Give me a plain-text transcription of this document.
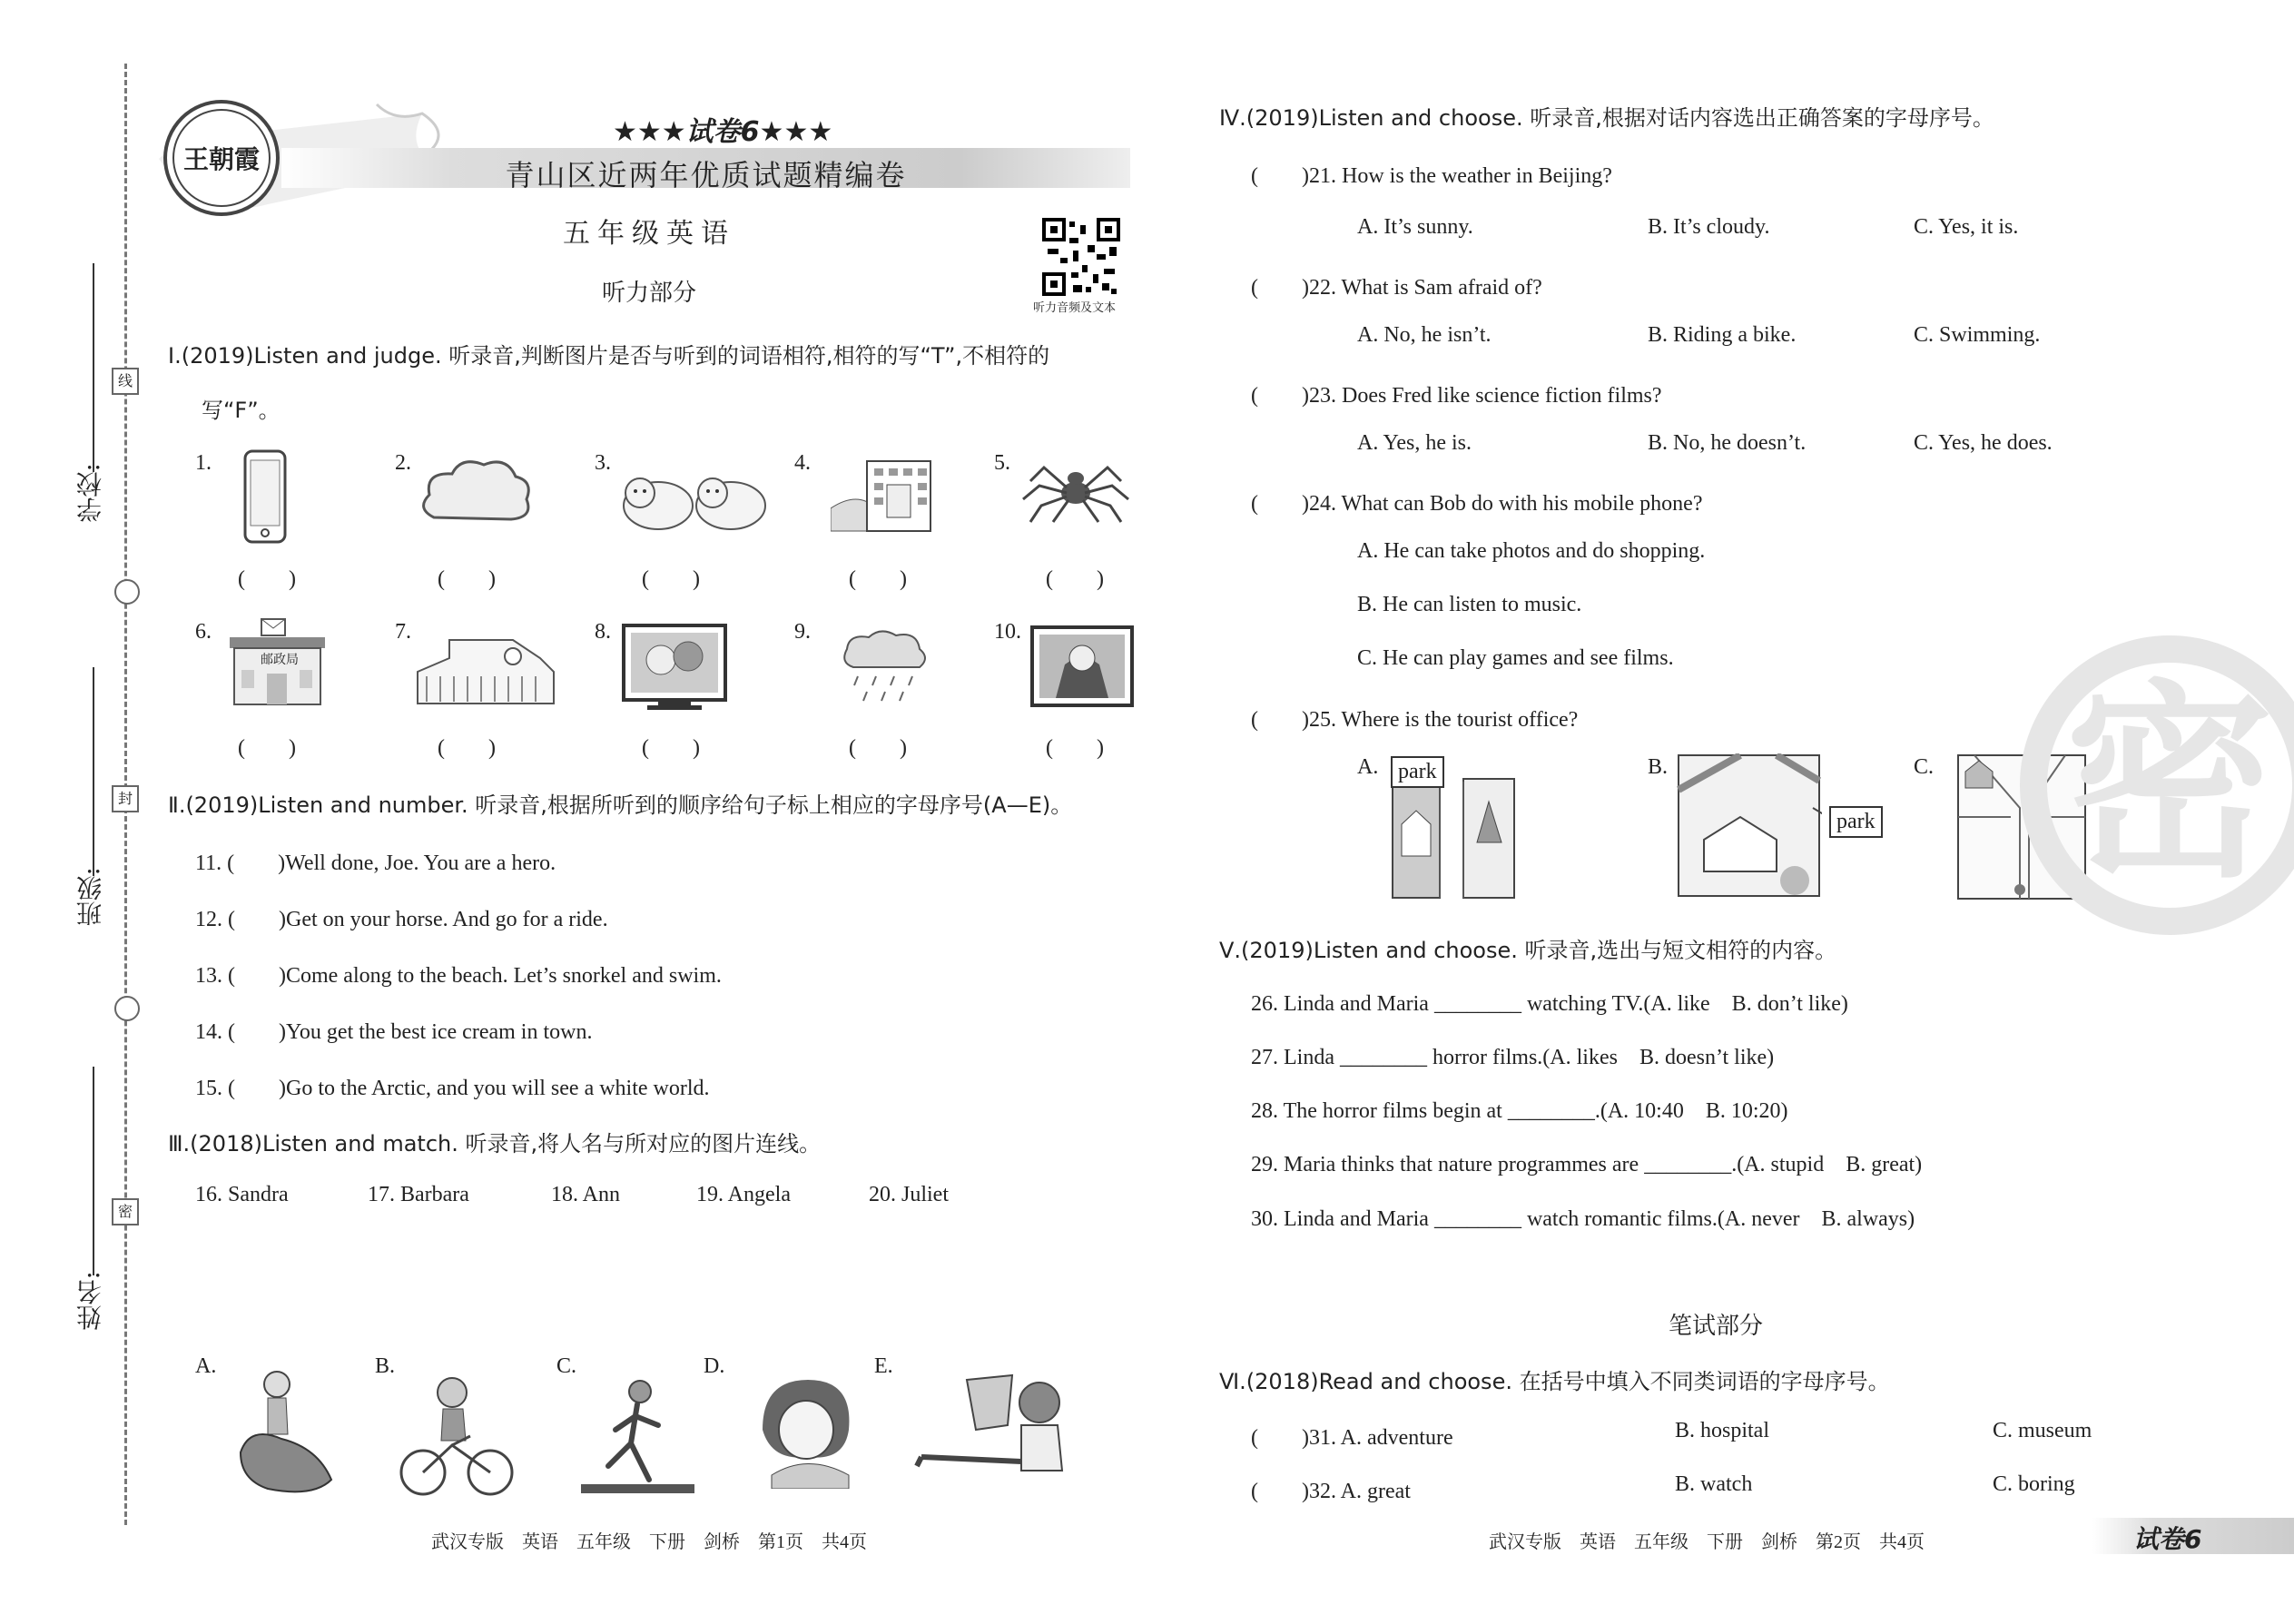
学校:
班级:
姓名:
线
封
密
王朝霞
★★★试卷6★★★
青山区近两年优质试题精编卷
五年级英语
听力部分
听力音频及文本
Ⅰ.(2019)Listen and judge. 听录音,判断图片是否与听到的词语相符,相符的写“T”,不相符的
写“F”。
1.	2.	3.	4.	5.
(　　)	(　　)	(　　)	(　　)	(　　)
6.	7.	8.	9.	10.
邮政局
(　　)	(　　)	(　　)	(　　)	(　　)
Ⅱ.(2019)Listen and number. 听录音,根据所听到的顺序给句子标上相应的字母序号(A—E)。
11. (　　)Well done, Joe. You are a hero.
12. (　　)Get on your horse. And go for a ride.
13. (　　)Come along to the beach. Let’s snorkel and swim.
14. (　　)You get the best ice cream in town.
15. (　　)Go to the Arctic, and you will see a white world.
Ⅲ.(2018)Listen and match. 听录音,将人名与所对应的图片连线。
16. Sandra	17. Barbara	18. Ann	19. Angela	20. Juliet
A.	B.	C.	D.	E.
Ⅳ.(2019)Listen and choose. 听录音,根据对话内容选出正确答案的字母序号。
(　　)21. How is the weather in Beijing?
A. It’s sunny.	B. It’s cloudy.	C. Yes, it is.
(　　)22. What is Sam afraid of?
A. No, he isn’t.	B. Riding a bike.	C. Swimming.
(　　)23. Does Fred like science fiction films?
A. Yes, he is.	B. No, he doesn’t.	C. Yes, he does.
(　　)24. What can Bob do with his mobile phone?
A. He can take photos and do shopping.
B. He can listen to music.
C. He can play games and see films.
(　　)25. Where is the tourist office?
A.	B.	C.
park
park
Ⅴ.(2019)Listen and choose. 听录音,选出与短文相符的内容。
26. Linda and Maria ________ watching TV.(A. like　B. don’t like)
27. Linda ________ horror films.(A. likes　B. doesn’t like)
28. The horror films begin at ________.(A. 10:40　B. 10:20)
29. Maria thinks that nature programmes are ________.(A. stupid　B. great)
30. Linda and Maria ________ watch romantic films.(A. never　B. always)
笔试部分
Ⅵ.(2018)Read and choose. 在括号中填入不同类词语的字母序号。
(　　)31. A. adventure	B. hospital	C. museum
(　　)32. A. great	B. watch	C. boring
密
武汉专版　英语　五年级　下册　剑桥　第1页　共4页	武汉专版　英语　五年级　下册　剑桥　第2页　共4页	试卷6
